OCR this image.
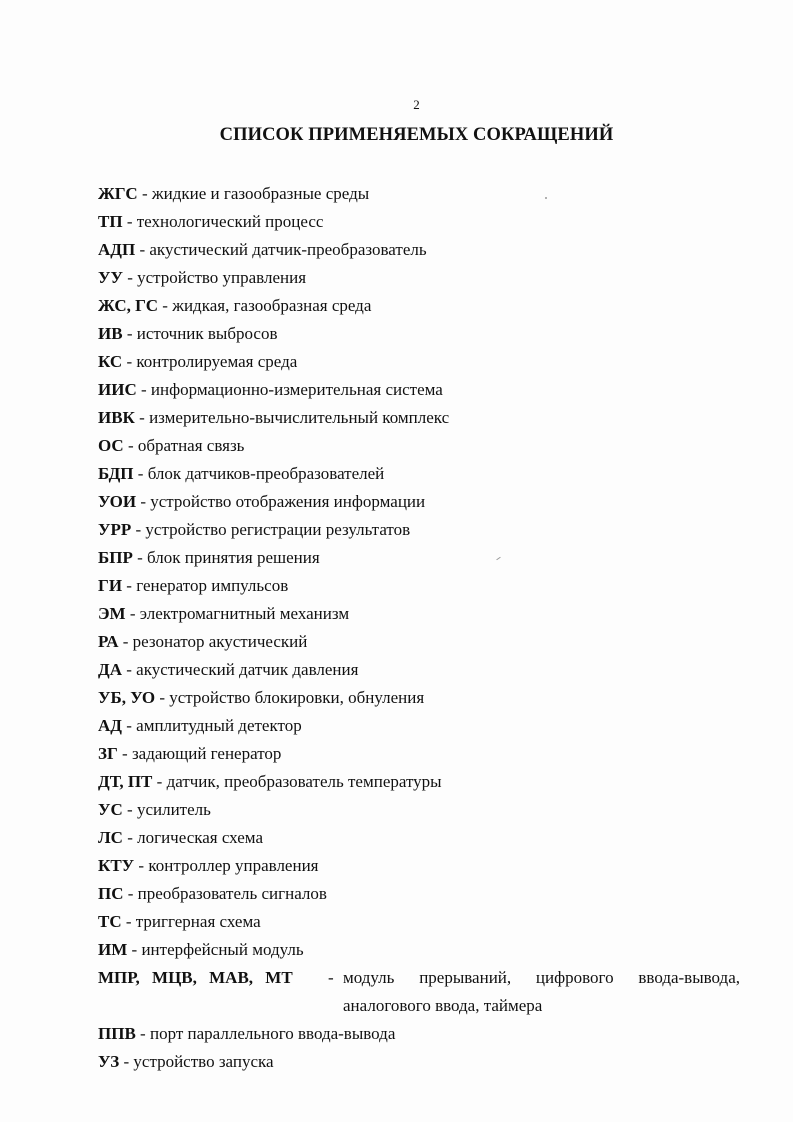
2
СПИСОК ПРИМЕНЯЕМЫХ СОКРАЩЕНИЙ
ЖГС - жидкие и газообразные среды
ТП - технологический процесс
АДП - акустический датчик-преобразователь
УУ - устройство управления
ЖС, ГС - жидкая, газообразная среда
ИВ - источник выбросов
КС - контролируемая среда
ИИС - информационно-измерительная система
ИВК - измерительно-вычислительный комплекс
ОС - обратная связь
БДП - блок датчиков-преобразователей
УОИ - устройство отображения информации
УРР - устройство регистрации результатов
БПР - блок принятия решения
ГИ - генератор импульсов
ЭМ - электромагнитный механизм
РА - резонатор акустический
ДА - акустический датчик давления
УБ, УО - устройство блокировки, обнуления
АД - амплитудный детектор
ЗГ - задающий генератор
ДТ, ПТ - датчик, преобразователь температуры
УС - усилитель
ЛС - логическая схема
КТУ - контроллер управления
ПС - преобразователь сигналов
ТС - триггерная схема
ИМ - интерфейсный модуль
МПР, МЦВ, МАВ, МТ - модуль прерываний, цифрового ввода-вывода,
аналогового ввода, таймера
ППВ - порт параллельного ввода-вывода
УЗ - устройство запуска
